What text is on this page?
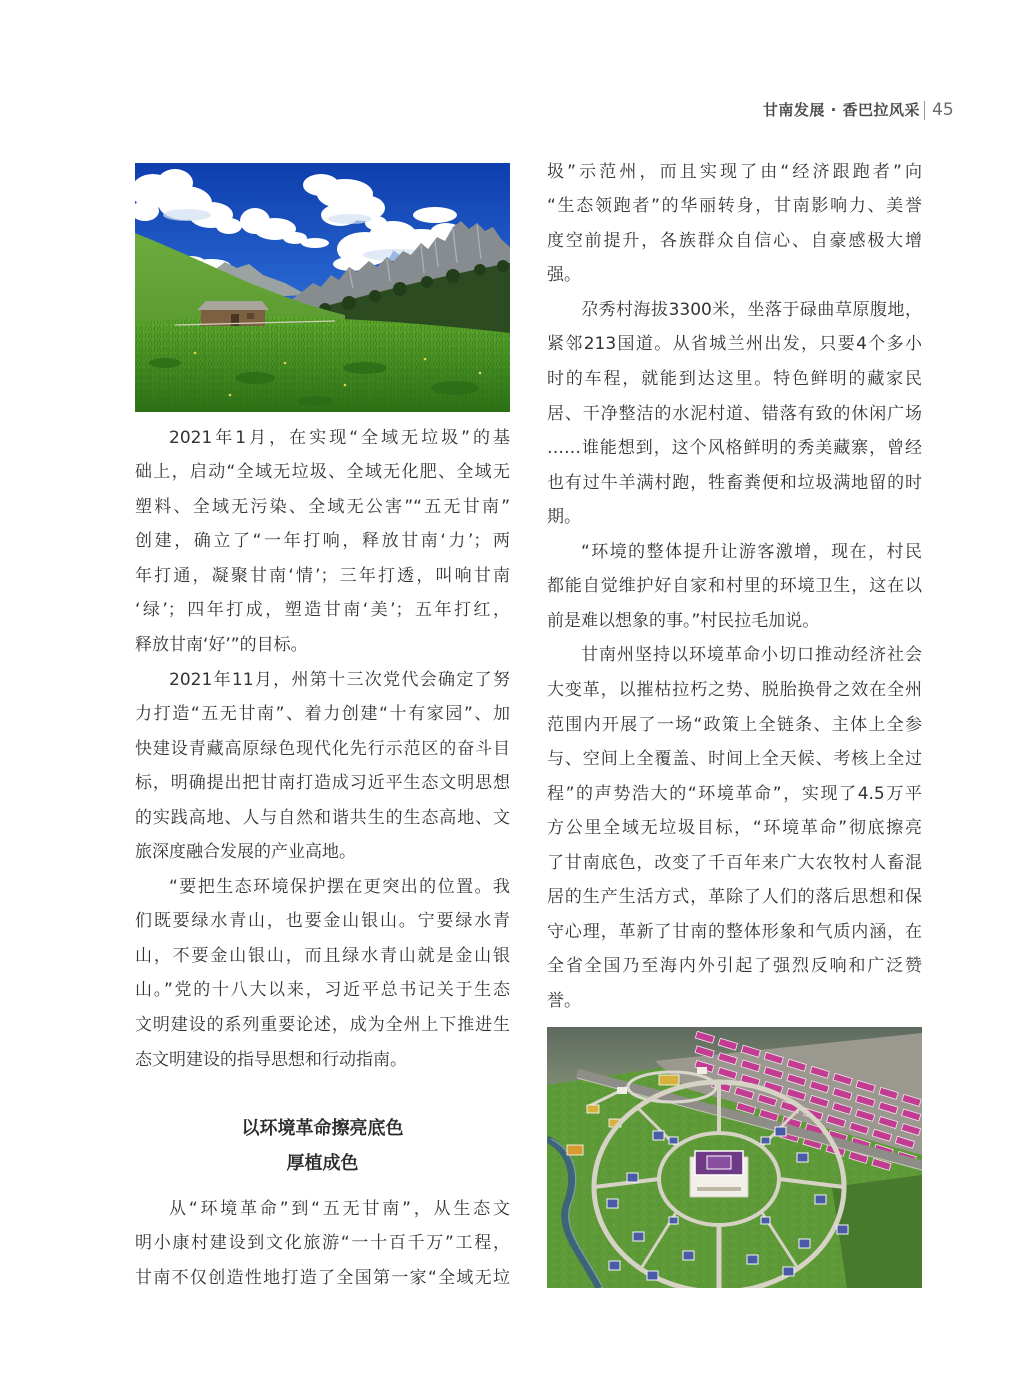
甘南发展 · 香巴拉风采 45
2021年1月，在实现“全域无垃圾”的基
础上，启动“全域无垃圾、全域无化肥、全域无
塑料、全域无污染、全域无公害”“五无甘南”
创建，确立了“一年打响，释放甘南‘力’；两
年打通，凝聚甘南‘情’；三年打透，叫响甘南
‘绿’；四年打成，塑造甘南‘美’；五年打红，
释放甘南‘好’”的目标。
2021年11月，州第十三次党代会确定了努
力打造“五无甘南”、着力创建“十有家园”、加
快建设青藏高原绿色现代化先行示范区的奋斗目
标，明确提出把甘南打造成习近平生态文明思想
的实践高地、人与自然和谐共生的生态高地、文
旅深度融合发展的产业高地。
“要把生态环境保护摆在更突出的位置。我
们既要绿水青山，也要金山银山。宁要绿水青
山，不要金山银山，而且绿水青山就是金山银
山。”党的十八大以来，习近平总书记关于生态
文明建设的系列重要论述，成为全州上下推进生
态文明建设的指导思想和行动指南。
以环境革命擦亮底色
厚植成色
从“环境革命”到“五无甘南”，从生态文
明小康村建设到文化旅游“一十百千万”工程，
甘南不仅创造性地打造了全国第一家“全域无垃
圾”示范州，而且实现了由“经济跟跑者”向
“生态领跑者”的华丽转身，甘南影响力、美誉
度空前提升，各族群众自信心、自豪感极大增
强。
尕秀村海拔3300米，坐落于碌曲草原腹地，
紧邻213国道。从省城兰州出发，只要4个多小
时的车程，就能到达这里。特色鲜明的藏家民
居、干净整洁的水泥村道、错落有致的休闲广场
……谁能想到，这个风格鲜明的秀美藏寨，曾经
也有过牛羊满村跑，牲畜粪便和垃圾满地留的时
期。
“环境的整体提升让游客激增，现在，村民
都能自觉维护好自家和村里的环境卫生，这在以
前是难以想象的事。”村民拉毛加说。
甘南州坚持以环境革命小切口推动经济社会
大变革，以摧枯拉朽之势、脱胎换骨之效在全州
范围内开展了一场“政策上全链条、主体上全参
与、空间上全覆盖、时间上全天候、考核上全过
程”的声势浩大的“环境革命”，实现了4.5万平
方公里全域无垃圾目标，“环境革命”彻底擦亮
了甘南底色，改变了千百年来广大农牧村人畜混
居的生产生活方式，革除了人们的落后思想和保
守心理，革新了甘南的整体形象和气质内涵，在
全省全国乃至海内外引起了强烈反响和广泛赞
誉。
